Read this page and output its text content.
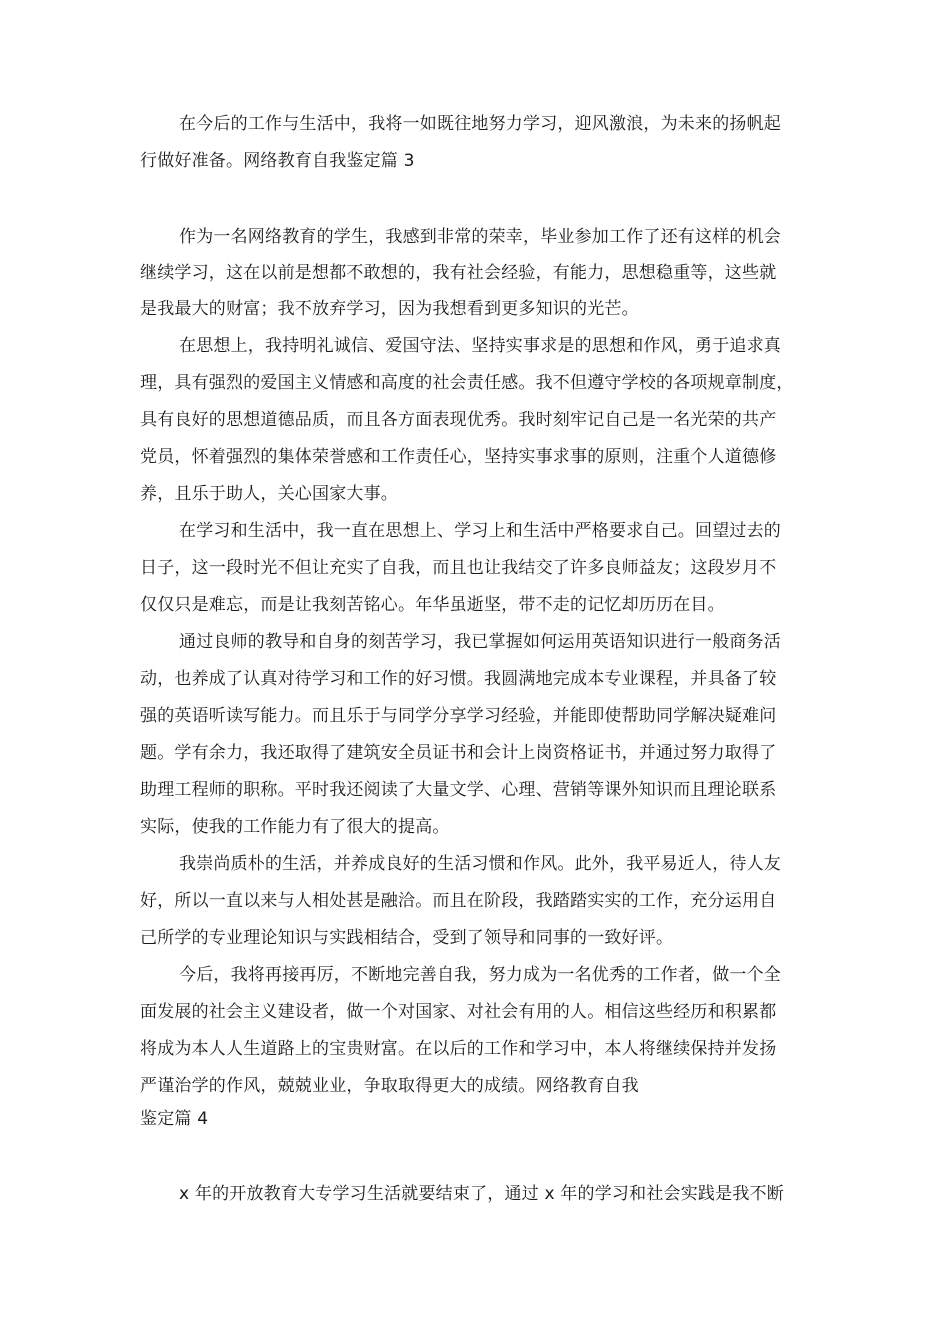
在今后的工作与生活中，我将一如既往地努力学习，迎风激浪，为未来的扬帆起
行做好准备。网络教育自我鉴定篇 3
作为一名网络教育的学生，我感到非常的荣幸，毕业参加工作了还有这样的机会
继续学习，这在以前是想都不敢想的，我有社会经验，有能力，思想稳重等，这些就
是我最大的财富；我不放弃学习，因为我想看到更多知识的光芒。
在思想上，我持明礼诚信、爱国守法、坚持实事求是的思想和作风，勇于追求真
理，具有强烈的爱国主义情感和高度的社会责任感。我不但遵守学校的各项规章制度，
具有良好的思想道德品质，而且各方面表现优秀。我时刻牢记自己是一名光荣的共产
党员，怀着强烈的集体荣誉感和工作责任心，坚持实事求事的原则，注重个人道德修
养，且乐于助人，关心国家大事。
在学习和生活中，我一直在思想上、学习上和生活中严格要求自己。回望过去的
日子，这一段时光不但让充实了自我，而且也让我结交了许多良师益友；这段岁月不
仅仅只是难忘，而是让我刻苦铭心。年华虽逝坚，带不走的记忆却历历在目。
通过良师的教导和自身的刻苦学习，我已掌握如何运用英语知识进行一般商务活
动，也养成了认真对待学习和工作的好习惯。我圆满地完成本专业课程，并具备了较
强的英语听读写能力。而且乐于与同学分享学习经验，并能即使帮助同学解决疑难问
题。学有余力，我还取得了建筑安全员证书和会计上岗资格证书，并通过努力取得了
助理工程师的职称。平时我还阅读了大量文学、心理、营销等课外知识而且理论联系
实际，使我的工作能力有了很大的提高。
我崇尚质朴的生活，并养成良好的生活习惯和作风。此外，我平易近人，待人友
好，所以一直以来与人相处甚是融洽。而且在阶段，我踏踏实实的工作，充分运用自
己所学的专业理论知识与实践相结合，受到了领导和同事的一致好评。
今后，我将再接再厉，不断地完善自我，努力成为一名优秀的工作者，做一个全
面发展的社会主义建设者，做一个对国家、对社会有用的人。相信这些经历和积累都
将成为本人人生道路上的宝贵财富。在以后的工作和学习中，本人将继续保持并发扬
严谨治学的作风，兢兢业业，争取取得更大的成绩。网络教育自我
鉴定篇 4
x 年的开放教育大专学习生活就要结束了，通过 x 年的学习和社会实践是我不断
